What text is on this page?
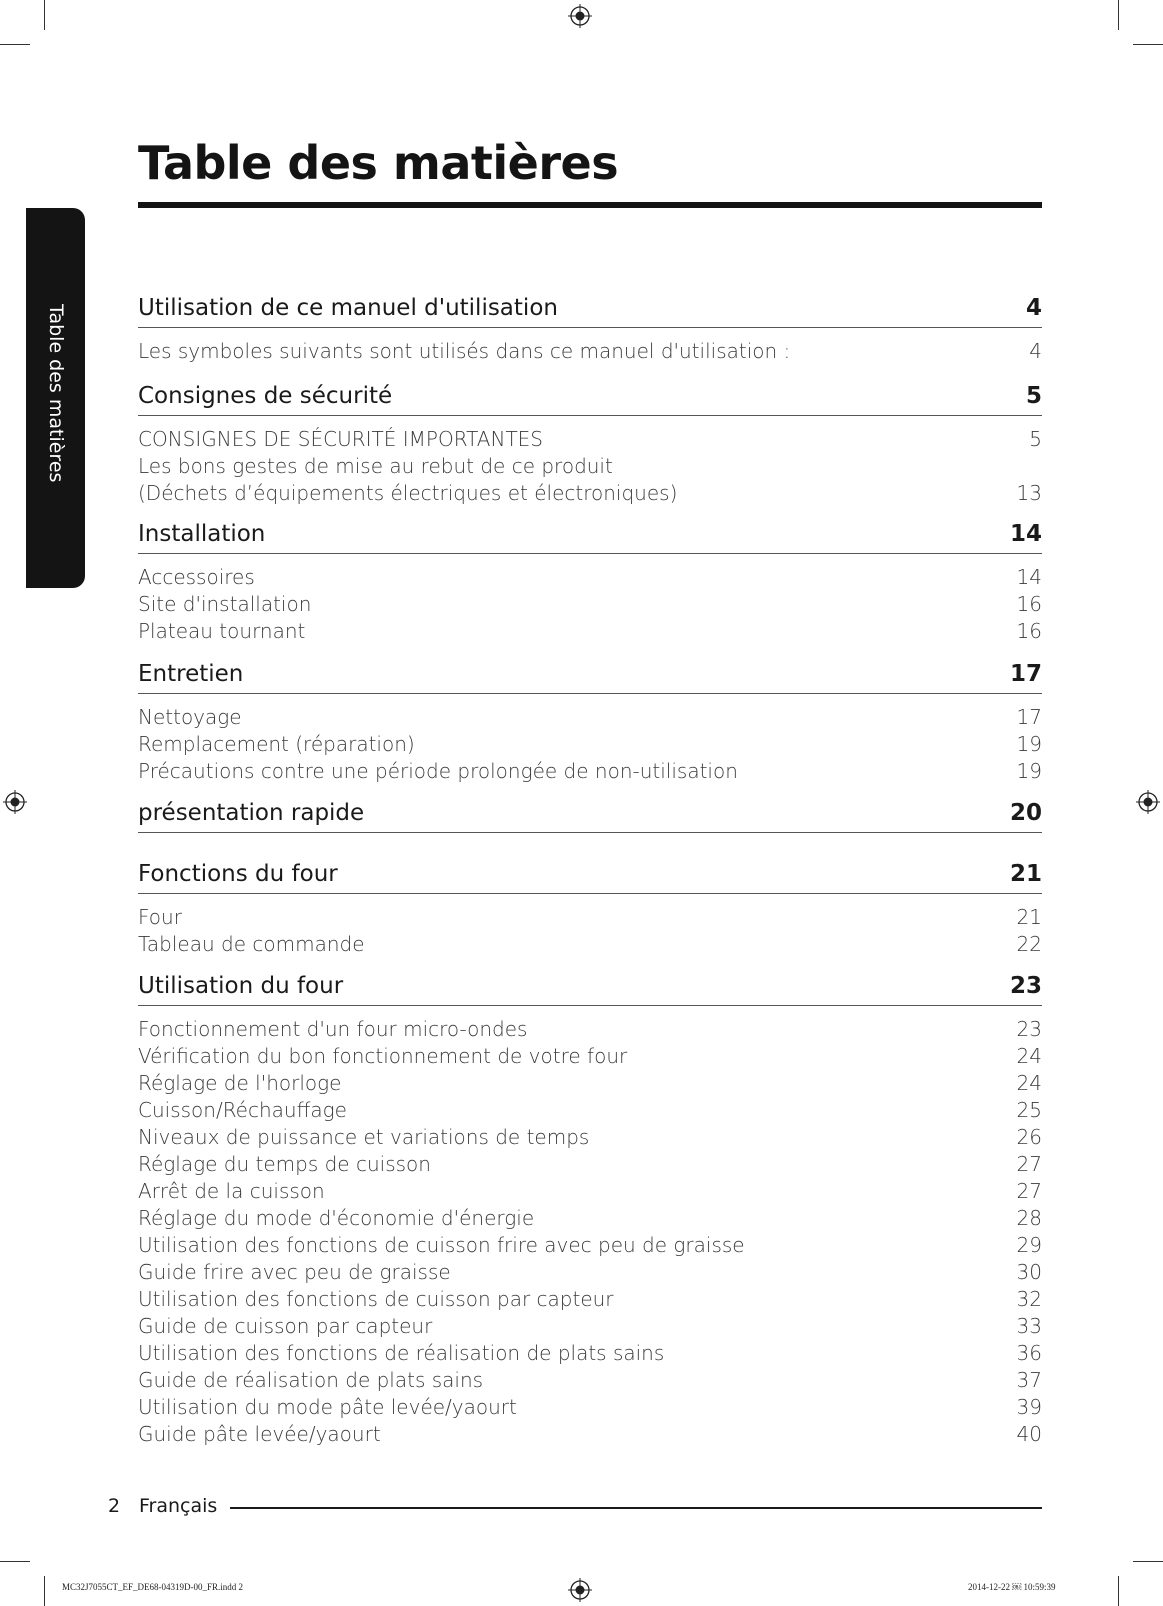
Table des matières
Table des matières
Utilisation de ce manuel d'utilisation	4
Les symboles suivants sont utilisés dans ce manuel d'utilisation :	4
Consignes de sécurité	5
CONSIGNES DE SÉCURITÉ IMPORTANTES	5
Les bons gestes de mise au rebut de ce produit
(Déchets d’équipements électriques et électroniques)	13
Installation	14
Accessoires	14
Site d'installation	16
Plateau tournant	16
Entretien	17
Nettoyage	17
Remplacement (réparation)	19
Précautions contre une période prolongée de non-utilisation	19
présentation rapide	20
Fonctions du four	21
Four	21
Tableau de commande	22
Utilisation du four	23
Fonctionnement d'un four micro-ondes	23
Vérification du bon fonctionnement de votre four	24
Réglage de l'horloge	24
Cuisson/Réchauffage	25
Niveaux de puissance et variations de temps	26
Réglage du temps de cuisson	27
Arrêt de la cuisson	27
Réglage du mode d'économie d'énergie	28
Utilisation des fonctions de cuisson frire avec peu de graisse	29
Guide frire avec peu de graisse	30
Utilisation des fonctions de cuisson par capteur	32
Guide de cuisson par capteur	33
Utilisation des fonctions de réalisation de plats sains	36
Guide de réalisation de plats sains	37
Utilisation du mode pâte levée/yaourt	39
Guide pâte levée/yaourt	40
2 Français
MC32J7055CT_EF_DE68-04319D-00_FR.indd 2	2014-12-22 ￼ 10:59:39
